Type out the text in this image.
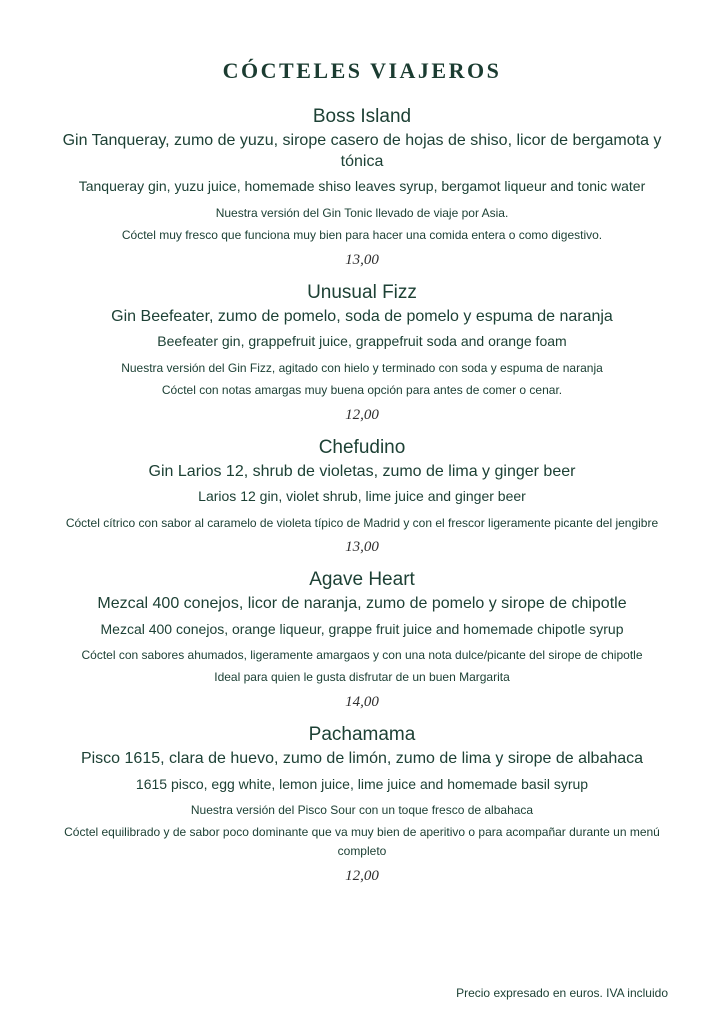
CÓCTELES VIAJEROS
Boss Island

Gin Tanqueray, zumo de yuzu, sirope casero de hojas de shiso, licor de bergamota y tónica

Tanqueray gin, yuzu juice, homemade shiso leaves syrup, bergamot liqueur and tonic water

Nuestra versión del Gin Tonic llevado de viaje por Asia.

Cóctel muy fresco que funciona muy bien para hacer una comida entera o como digestivo.

13,00

Unusual Fizz

Gin Beefeater, zumo de pomelo, soda de pomelo y espuma de naranja

Beefeater gin, grappefruit juice, grappefruit soda and orange foam

Nuestra versión del Gin Fizz, agitado con hielo y terminado con soda y espuma de naranja

Cóctel con notas amargas muy buena opción para antes de comer o cenar.

12,00

Chefudino

Gin Larios 12, shrub de violetas, zumo de lima y ginger beer

Larios 12 gin, violet shrub, lime juice and ginger beer

Cóctel cítrico con sabor al caramelo de violeta típico de Madrid y con el frescor ligeramente picante del jengibre

13,00

Agave Heart

Mezcal 400 conejos, licor de naranja, zumo de pomelo y sirope de chipotle

Mezcal 400 conejos, orange liqueur, grappe fruit juice and homemade chipotle syrup

Cóctel con sabores ahumados, ligeramente amargaos y con una nota dulce/picante del sirope de chipotle

Ideal para quien le gusta disfrutar de un buen Margarita

14,00

Pachamama

Pisco 1615, clara de huevo, zumo de limón, zumo de lima y sirope de albahaca

1615 pisco, egg white, lemon juice, lime juice and homemade basil syrup

Nuestra versión del Pisco Sour con un toque fresco de albahaca

Cóctel equilibrado y de sabor poco dominante que va muy bien de aperitivo o para acompañar durante un menú completo

12,00

Precio expresado en euros. IVA incluido
